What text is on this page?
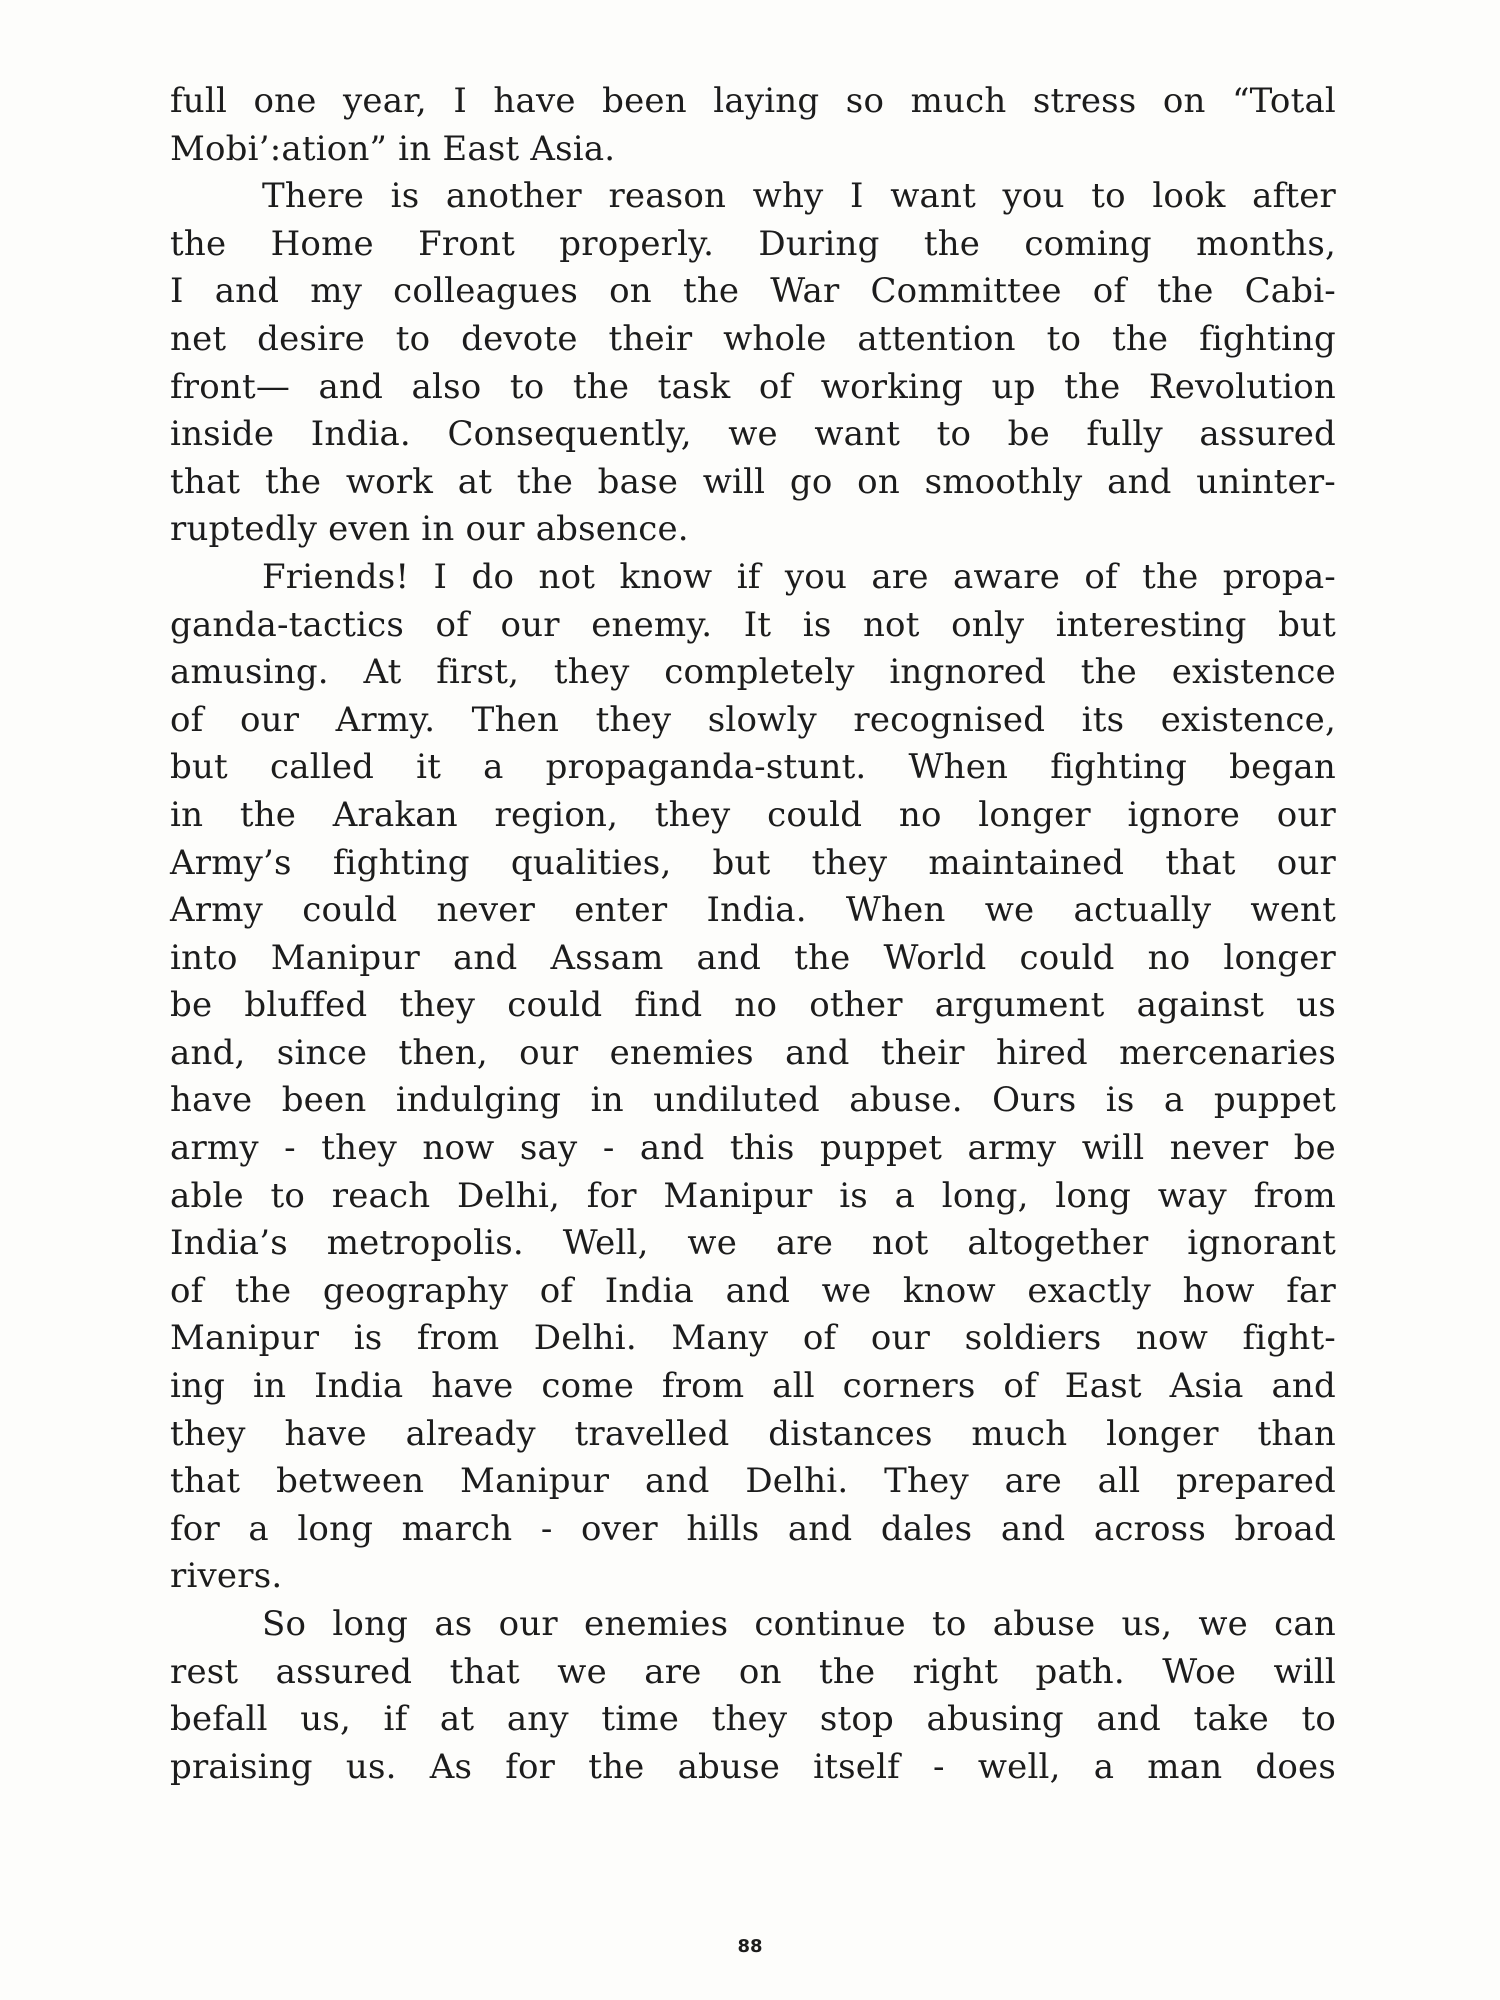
full one year, I have been laying so much stress on “Total
Mobi’:ation” in East Asia.
There is another reason why I want you to look after
the Home Front properly. During the coming months,
I and my colleagues on the War Committee of the Cabi-
net desire to devote their whole attention to the fighting
front— and also to the task of working up the Revolution
inside India. Consequently, we want to be fully assured
that the work at the base will go on smoothly and uninter-
ruptedly even in our absence.
Friends! I do not know if you are aware of the propa-
ganda-tactics of our enemy. It is not only interesting but
amusing. At first, they completely ingnored the existence
of our Army. Then they slowly recognised its existence,
but called it a propaganda-stunt. When fighting began
in the Arakan region, they could no longer ignore our
Army’s fighting qualities, but they maintained that our
Army could never enter India. When we actually went
into Manipur and Assam and the World could no longer
be bluffed they could find no other argument against us
and, since then, our enemies and their hired mercenaries
have been indulging in undiluted abuse. Ours is a puppet
army - they now say - and this puppet army will never be
able to reach Delhi, for Manipur is a long, long way from
India’s metropolis. Well, we are not altogether ignorant
of the geography of India and we know exactly how far
Manipur is from Delhi. Many of our soldiers now fight-
ing in India have come from all corners of East Asia and
they have already travelled distances much longer than
that between Manipur and Delhi. They are all prepared
for a long march - over hills and dales and across broad
rivers.
So long as our enemies continue to abuse us, we can
rest assured that we are on the right path. Woe will
befall us, if at any time they stop abusing and take to
praising us. As for the abuse itself - well, a man does
88
